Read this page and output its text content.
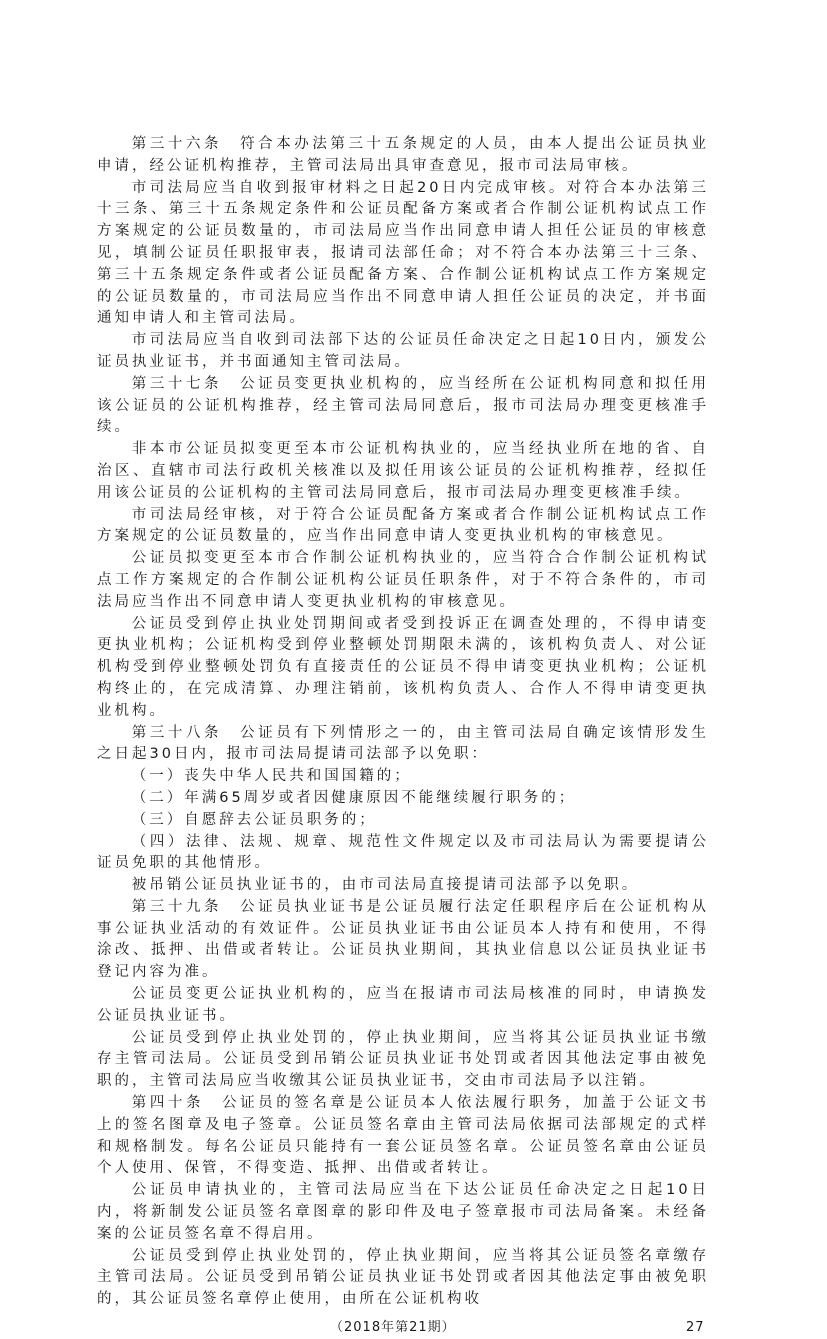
第三十六条　符合本办法第三十五条规定的人员，由本人提出公证员执业申请，经公证机构推荐，主管司法局出具审查意见，报市司法局审核。

市司法局应当自收到报审材料之日起20日内完成审核。对符合本办法第三十三条、第三十五条规定条件和公证员配备方案或者合作制公证机构试点工作方案规定的公证员数量的，市司法局应当作出同意申请人担任公证员的审核意见，填制公证员任职报审表，报请司法部任命；对不符合本办法第三十三条、第三十五条规定条件或者公证员配备方案、合作制公证机构试点工作方案规定的公证员数量的，市司法局应当作出不同意申请人担任公证员的决定，并书面通知申请人和主管司法局。

市司法局应当自收到司法部下达的公证员任命决定之日起10日内，颁发公证员执业证书，并书面通知主管司法局。

第三十七条　公证员变更执业机构的，应当经所在公证机构同意和拟任用该公证员的公证机构推荐，经主管司法局同意后，报市司法局办理变更核准手续。

非本市公证员拟变更至本市公证机构执业的，应当经执业所在地的省、自治区、直辖市司法行政机关核准以及拟任用该公证员的公证机构推荐，经拟任用该公证员的公证机构的主管司法局同意后，报市司法局办理变更核准手续。

市司法局经审核，对于符合公证员配备方案或者合作制公证机构试点工作方案规定的公证员数量的，应当作出同意申请人变更执业机构的审核意见。

公证员拟变更至本市合作制公证机构执业的，应当符合合作制公证机构试点工作方案规定的合作制公证机构公证员任职条件，对于不符合条件的，市司法局应当作出不同意申请人变更执业机构的审核意见。

公证员受到停止执业处罚期间或者受到投诉正在调查处理的，不得申请变更执业机构；公证机构受到停业整顿处罚期限未满的，该机构负责人、对公证机构受到停业整顿处罚负有直接责任的公证员不得申请变更执业机构；公证机构终止的，在完成清算、办理注销前，该机构负责人、合作人不得申请变更执业机构。

第三十八条　公证员有下列情形之一的，由主管司法局自确定该情形发生之日起30日内，报市司法局提请司法部予以免职：

（一）丧失中华人民共和国国籍的；

（二）年满65周岁或者因健康原因不能继续履行职务的；

（三）自愿辞去公证员职务的；

（四）法律、法规、规章、规范性文件规定以及市司法局认为需要提请公证员免职的其他情形。

被吊销公证员执业证书的，由市司法局直接提请司法部予以免职。

第三十九条　公证员执业证书是公证员履行法定任职程序后在公证机构从事公证执业活动的有效证件。公证员执业证书由公证员本人持有和使用，不得涂改、抵押、出借或者转让。公证员执业期间，其执业信息以公证员执业证书登记内容为准。

公证员变更公证执业机构的，应当在报请市司法局核准的同时，申请换发公证员执业证书。

公证员受到停止执业处罚的，停止执业期间，应当将其公证员执业证书缴存主管司法局。公证员受到吊销公证员执业证书处罚或者因其他法定事由被免职的，主管司法局应当收缴其公证员执业证书，交由市司法局予以注销。

第四十条　公证员的签名章是公证员本人依法履行职务，加盖于公证文书上的签名图章及电子签章。公证员签名章由主管司法局依据司法部规定的式样和规格制发。每名公证员只能持有一套公证员签名章。公证员签名章由公证员个人使用、保管，不得变造、抵押、出借或者转让。

公证员申请执业的，主管司法局应当在下达公证员任命决定之日起10日内，将新制发公证员签名章图章的影印件及电子签章报市司法局备案。未经备案的公证员签名章不得启用。

公证员受到停止执业处罚的，停止执业期间，应当将其公证员签名章缴存主管司法局。公证员受到吊销公证员执业证书处罚或者因其他法定事由被免职的，其公证员签名章停止使用，由所在公证机构收

（2018年第21期）	27
